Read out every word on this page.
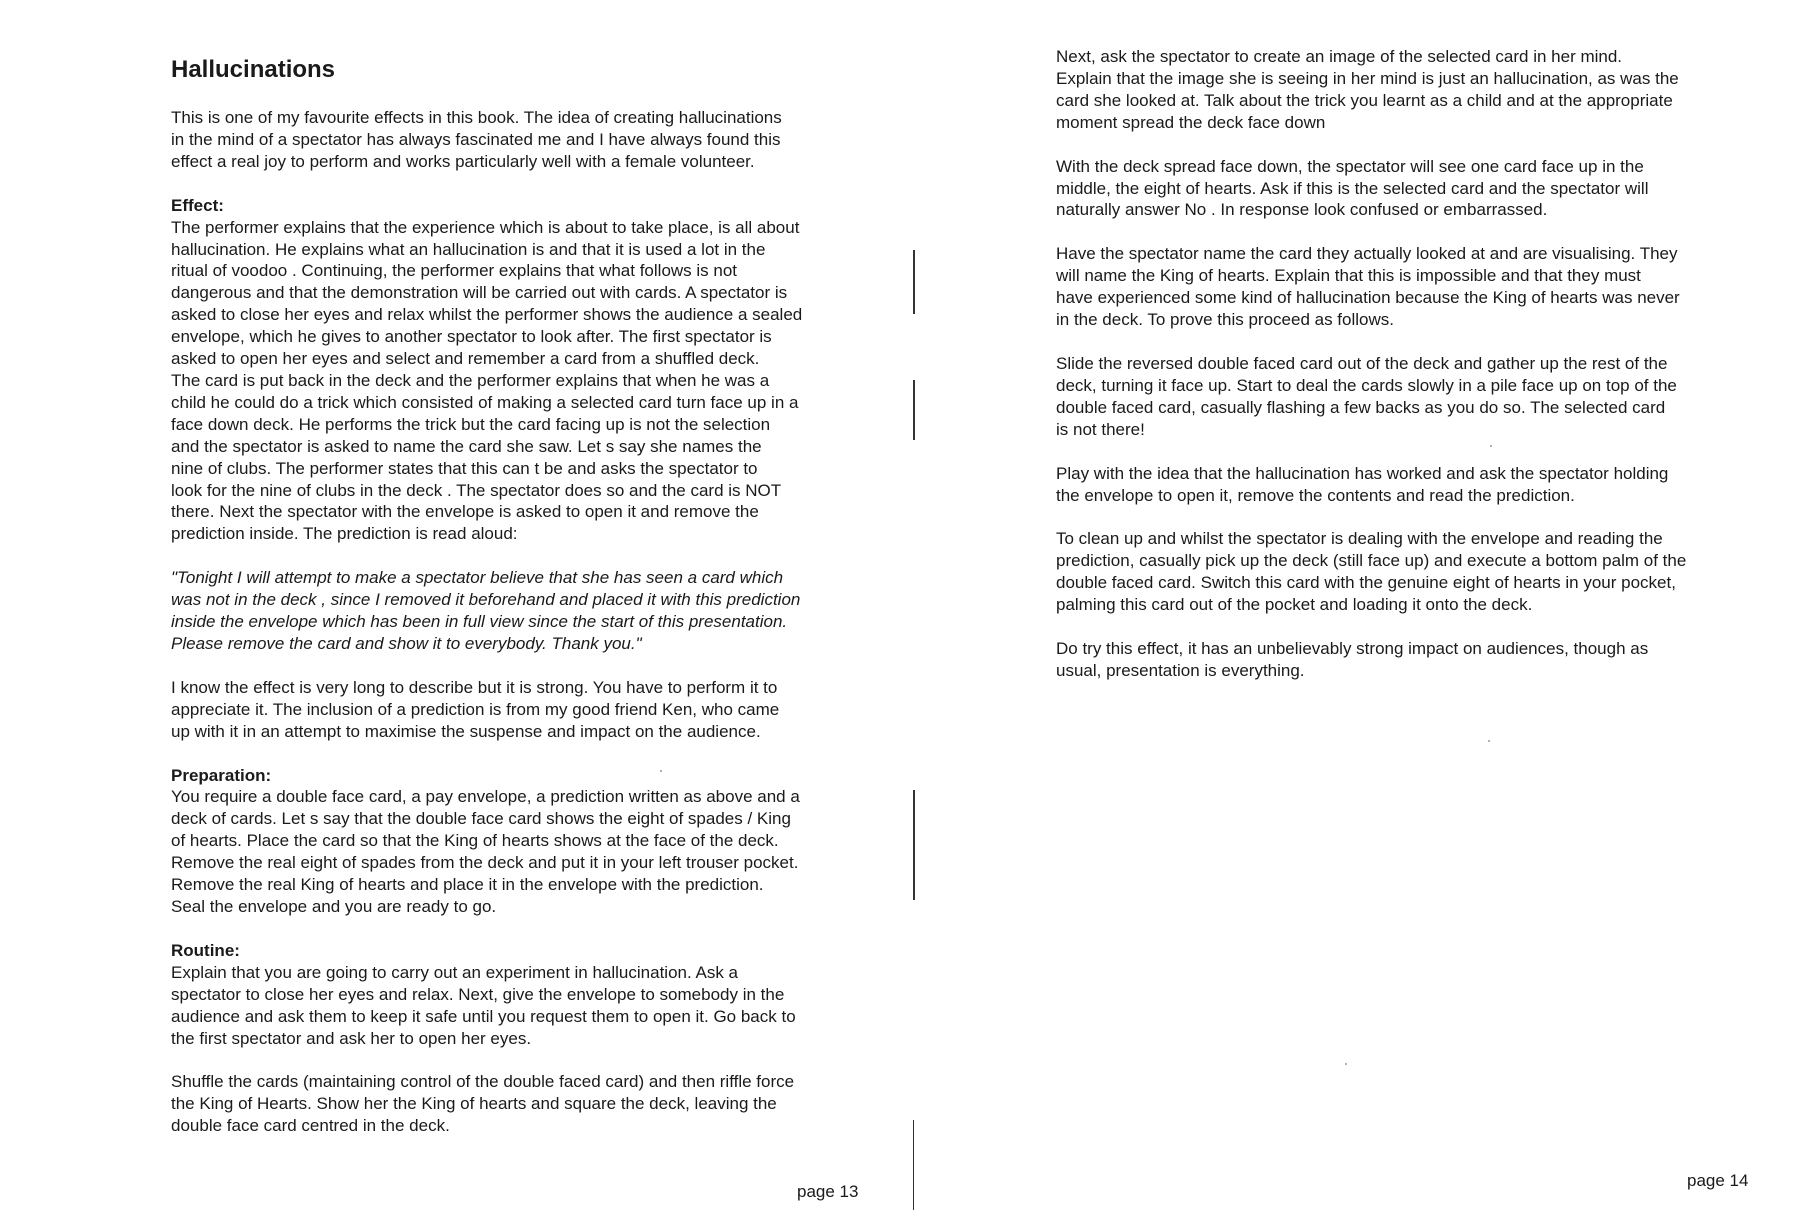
Hallucinations

This is one of my favourite effects in this book. The idea of creating hallucinations
in the mind of a spectator has always fascinated me and I have always found this
effect a real joy to perform and works particularly well with a female volunteer.

Effect:
The performer explains that the experience which is about to take place, is all about
hallucination. He explains what an hallucination is and that it is used a lot in the
ritual of voodoo . Continuing, the performer explains that what follows is not
dangerous and that the demonstration will be carried out with cards. A spectator is
asked to close her eyes and relax whilst the performer shows the audience a sealed
envelope, which he gives to another spectator to look after. The first spectator is
asked to open her eyes and select and remember a card from a shuffled deck.
The card is put back in the deck and the performer explains that when he was a
child he could do a trick which consisted of making a selected card turn face up in a
face down deck. He performs the trick but the card facing up is not the selection
and the spectator is asked to name the card she saw. Let s say she names the
nine of clubs. The performer states that this can t be and asks the spectator to
look for the nine of clubs in the deck . The spectator does so and the card is NOT
there. Next the spectator with the envelope is asked to open it and remove the
prediction inside. The prediction is read aloud:

"Tonight I will attempt to make a spectator believe that she has seen a card which
was not in the deck , since I removed it beforehand and placed it with this prediction
inside the envelope which has been in full view since the start of this presentation.
Please remove the card and show it to everybody. Thank you."

I know the effect is very long to describe but it is strong. You have to perform it to
appreciate it. The inclusion of a prediction is from my good friend Ken, who came
up with it in an attempt to maximise the suspense and impact on the audience.

Preparation:
You require a double face card, a pay envelope, a prediction written as above and a
deck of cards. Let s say that the double face card shows the eight of spades / King
of hearts. Place the card so that the King of hearts shows at the face of the deck.
Remove the real eight of spades from the deck and put it in your left trouser pocket.
Remove the real King of hearts and place it in the envelope with the prediction.
Seal the envelope and you are ready to go.
Routine:
Explain that you are going to carry out an experiment in hallucination. Ask a
spectator to close her eyes and relax. Next, give the envelope to somebody in the
audience and ask them to keep it safe until you request them to open it. Go back to
the first spectator and ask her to open her eyes.

Shuffle the cards (maintaining control of the double faced card) and then riffle force
the King of Hearts. Show her the King of hearts and square the deck, leaving the
double face card centred in the deck.

page 13

Next, ask the spectator to create an image of the selected card in her mind.
Explain that the image she is seeing in her mind is just an hallucination, as was the
card she looked at. Talk about the trick you learnt as a child and at the appropriate
moment spread the deck face down

With the deck spread face down, the spectator will see one card face up in the
middle, the eight of hearts. Ask if this is the selected card and the spectator will
naturally answer No . In response look confused or embarrassed.

Have the spectator name the card they actually looked at and are visualising. They
will name the King of hearts. Explain that this is impossible and that they must
have experienced some kind of hallucination because the King of hearts was never
in the deck. To prove this proceed as follows.

Slide the reversed double faced card out of the deck and gather up the rest of the
deck, turning it face up. Start to deal the cards slowly in a pile face up on top of the
double faced card, casually flashing a few backs as you do so. The selected card
is not there!

Play with the idea that the hallucination has worked and ask the spectator holding
the envelope to open it, remove the contents and read the prediction.

To clean up and whilst the spectator is dealing with the envelope and reading the
prediction, casually pick up the deck (still face up) and execute a bottom palm of the
double faced card. Switch this card with the genuine eight of hearts in your pocket,
palming this card out of the pocket and loading it onto the deck.

Do try this effect, it has an unbelievably strong impact on audiences, though as
usual, presentation is everything.

page 14
